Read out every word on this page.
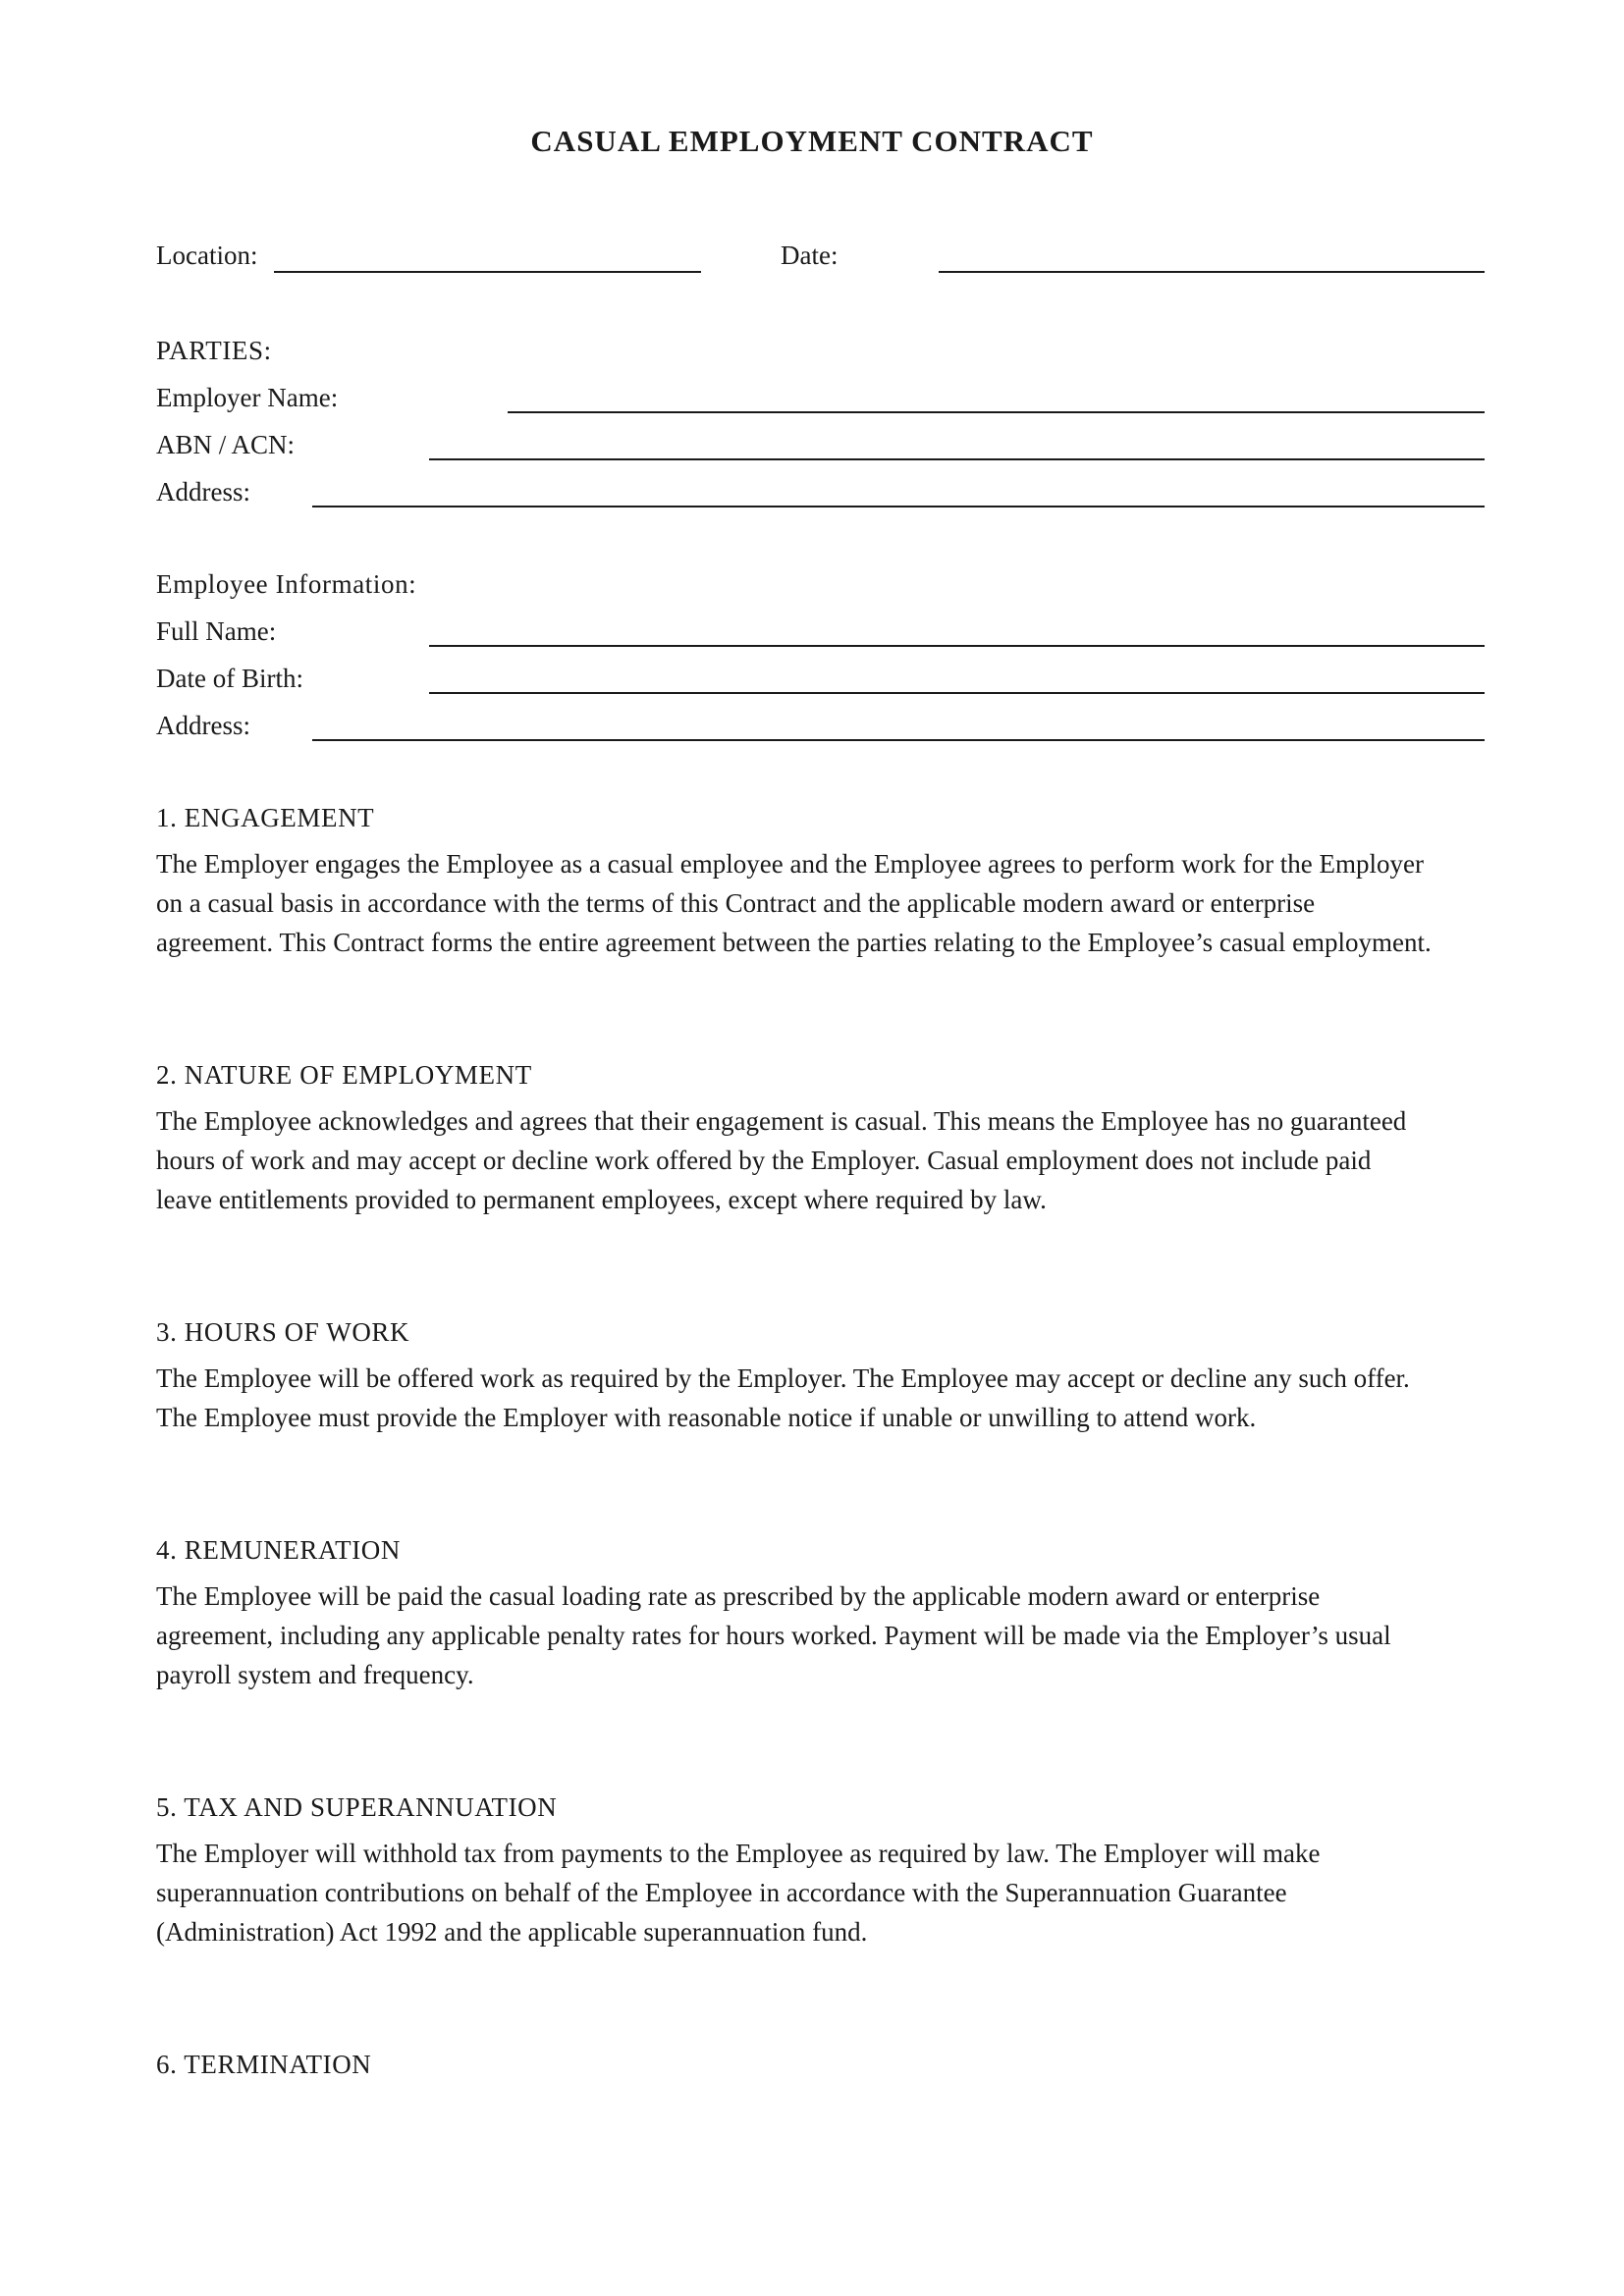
CASUAL EMPLOYMENT CONTRACT
Location:	Date:
PARTIES:
Employer Name:
ABN / ACN:
Address:
Employee Information:
Full Name:
Date of Birth:
Address:
1. ENGAGEMENT
The Employer engages the Employee as a casual employee and the Employee agrees to perform work for the Employer
on a casual basis in accordance with the terms of this Contract and the applicable modern award or enterprise
agreement. This Contract forms the entire agreement between the parties relating to the Employee’s casual employment.
2. NATURE OF EMPLOYMENT
The Employee acknowledges and agrees that their engagement is casual. This means the Employee has no guaranteed
hours of work and may accept or decline work offered by the Employer. Casual employment does not include paid
leave entitlements provided to permanent employees, except where required by law.
3. HOURS OF WORK
The Employee will be offered work as required by the Employer. The Employee may accept or decline any such offer.
The Employee must provide the Employer with reasonable notice if unable or unwilling to attend work.
4. REMUNERATION
The Employee will be paid the casual loading rate as prescribed by the applicable modern award or enterprise
agreement, including any applicable penalty rates for hours worked. Payment will be made via the Employer’s usual
payroll system and frequency.
5. TAX AND SUPERANNUATION
The Employer will withhold tax from payments to the Employee as required by law. The Employer will make
superannuation contributions on behalf of the Employee in accordance with the Superannuation Guarantee
(Administration) Act 1992 and the applicable superannuation fund.
6. TERMINATION
